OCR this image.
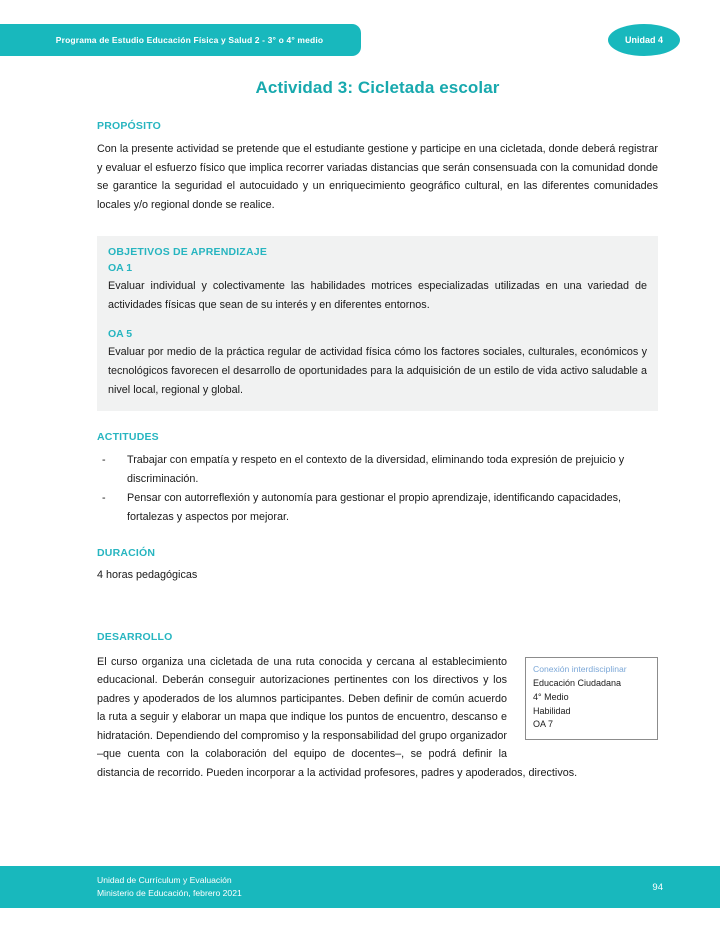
Programa de Estudio Educación Física y Salud 2 - 3° o 4° medio	Unidad 4
Actividad 3: Cicletada escolar
PROPÓSITO

Con la presente actividad se pretende que el estudiante gestione y participe en una cicletada, donde deberá registrar y evaluar el esfuerzo físico que implica recorrer variadas distancias que serán consensuada con la comunidad donde se garantice la seguridad el autocuidado y un enriquecimiento geográfico cultural, en las diferentes comunidades locales y/o regional donde se realice.

OBJETIVOS DE APRENDIZAJE
OA 1

Evaluar individual y colectivamente las habilidades motrices especializadas utilizadas en una variedad de actividades físicas que sean de su interés y en diferentes entornos.

OA 5

Evaluar por medio de la práctica regular de actividad física cómo los factores sociales, culturales, económicos y tecnológicos favorecen el desarrollo de oportunidades para la adquisición de un estilo de vida activo saludable a nivel local, regional y global.

ACTITUDES
- Trabajar con empatía y respeto en el contexto de la diversidad, eliminando toda expresión de prejuicio y discriminación.
- Pensar con autorreflexión y autonomía para gestionar el propio aprendizaje, identificando capacidades, fortalezas y aspectos por mejorar.
DURACIÓN

4 horas pedagógicas

DESARROLLO

Conexión interdisciplinar

Educación Ciudadana

4° Medio

Habilidad

OA 7

El curso organiza una cicletada de una ruta conocida y cercana al establecimiento educacional. Deberán conseguir autorizaciones pertinentes con los directivos y los padres y apoderados de los alumnos participantes. Deben definir de común acuerdo la ruta a seguir y elaborar un mapa que indique los puntos de encuentro, descanso e hidratación. Dependiendo del compromiso y la responsabilidad del grupo organizador –que cuenta con la colaboración del equipo de docentes–, se podrá definir la distancia de recorrido. Pueden incorporar a la actividad profesores, padres y apoderados, directivos.

Unidad de Currículum y Evaluación
Ministerio de Educación, febrero 2021
94
